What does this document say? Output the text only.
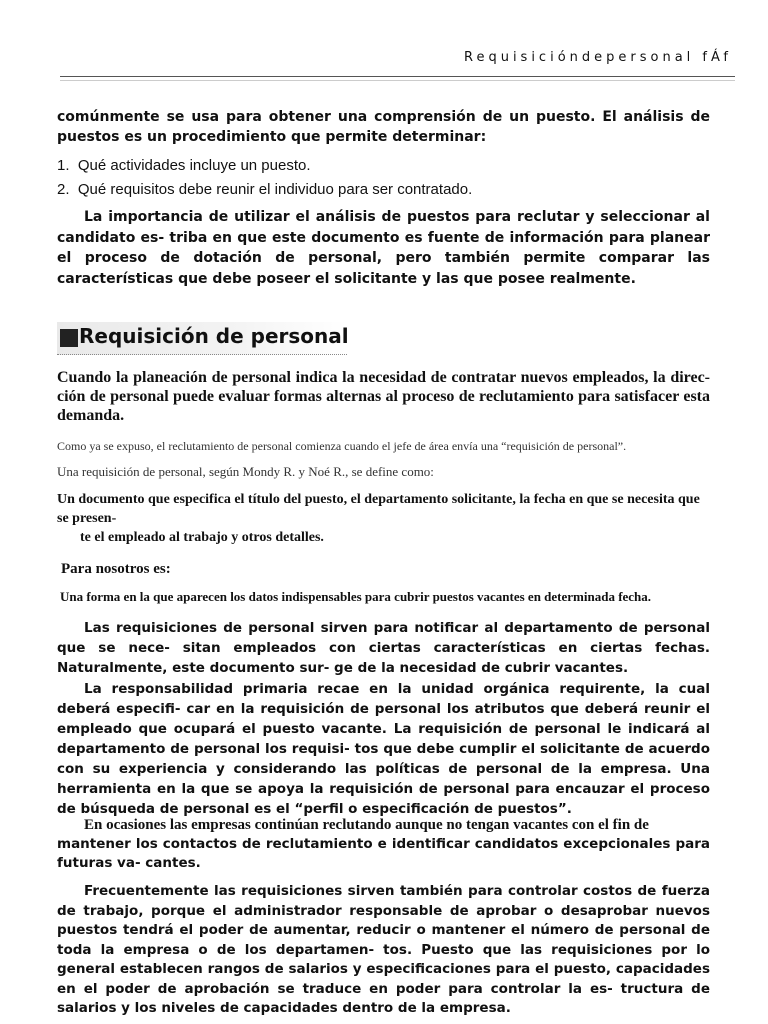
Requisicióndepersonal fÁf

comúnmente se usa para obtener una comprensión de un puesto. El análisis de puestos es un procedimiento que permite determinar:

1. Qué actividades incluye un puesto.
2. Qué requisitos debe reunir el individuo para ser contratado.

La importancia de utilizar el análisis de puestos para reclutar y seleccionar al candidato es- triba en que este documento es fuente de información para planear el proceso de dotación de personal, pero también permite comparar las características que debe poseer el solicitante y las que posee realmente.

Requisición de personal

Cuando la planeación de personal indica la necesidad de contratar nuevos empleados, la direc- ción de personal puede evaluar formas alternas al proceso de reclutamiento para satisfacer esta demanda.

Como ya se expuso, el reclutamiento de personal comienza cuando el jefe de área envía una “requisición de personal”.

Una requisición de personal, según Mondy R. y Noé R., se define como:

Un documento que especifica el título del puesto, el departamento solicitante, la fecha en que se necesita que se presen-
te el empleado al trabajo y otros detalles.

Para nosotros es:

Una forma en la que aparecen los datos indispensables para cubrir puestos vacantes en determinada fecha.

Las requisiciones de personal sirven para notificar al departamento de personal que se nece- sitan empleados con ciertas características en ciertas fechas. Naturalmente, este documento sur- ge de la necesidad de cubrir vacantes.

La responsabilidad primaria recae en la unidad orgánica requirente, la cual deberá especifi- car en la requisición de personal los atributos que deberá reunir el empleado que ocupará el puesto vacante. La requisición de personal le indicará al departamento de personal los requisi- tos que debe cumplir el solicitante de acuerdo con su experiencia y considerando las políticas de personal de la empresa. Una herramienta en la que se apoya la requisición de personal para encauzar el proceso de búsqueda de personal es el “perfil o especificación de puestos”.

En ocasiones las empresas continúan reclutando aunque no tengan vacantes con el fin de
mantener los contactos de reclutamiento e identificar candidatos excepcionales para futuras va- cantes.

Frecuentemente las requisiciones sirven también para controlar costos de fuerza de trabajo, porque el administrador responsable de aprobar o desaprobar nuevos puestos tendrá el poder de aumentar, reducir o mantener el número de personal de toda la empresa o de los departamen- tos. Puesto que las requisiciones por lo general establecen rangos de salarios y especificaciones para el puesto, capacidades en el poder de aprobación se traduce en poder para controlar la es- tructura de salarios y los niveles de capacidades dentro de la empresa.
